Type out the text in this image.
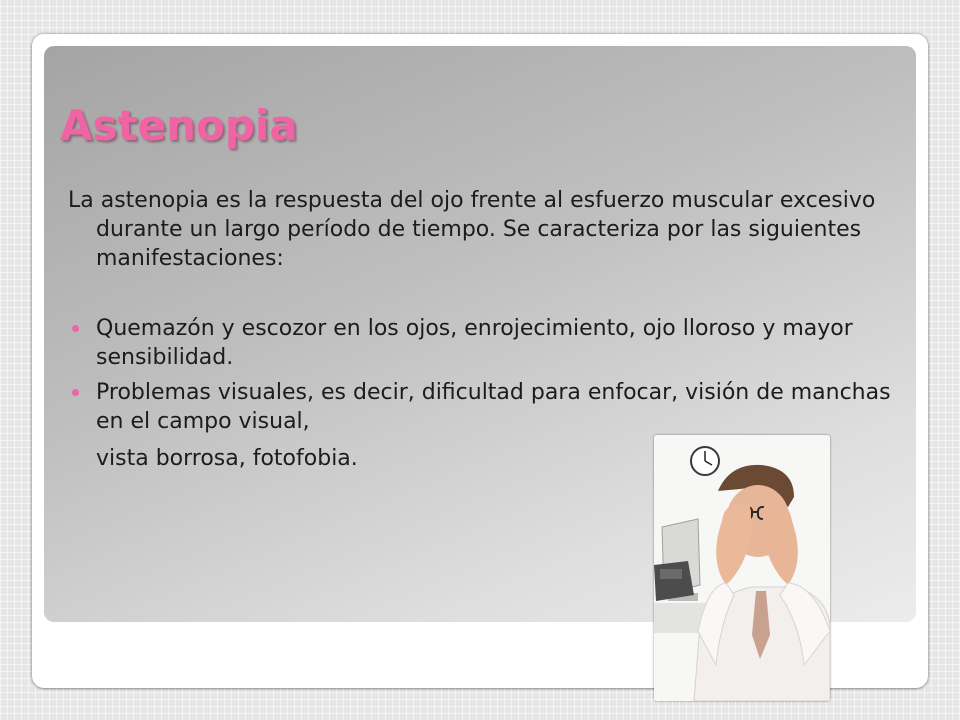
Astenopia

La astenopia es la respuesta del ojo frente al esfuerzo muscular excesivo durante un largo período de tiempo. Se caracteriza por las siguientes manifestaciones:

Quemazón y escozor en los ojos, enrojecimiento, ojo lloroso y mayor sensibilidad.
Problemas visuales, es decir, dificultad para enfocar, visión de manchas en el campo visual,

vista borrosa, fotofobia.
